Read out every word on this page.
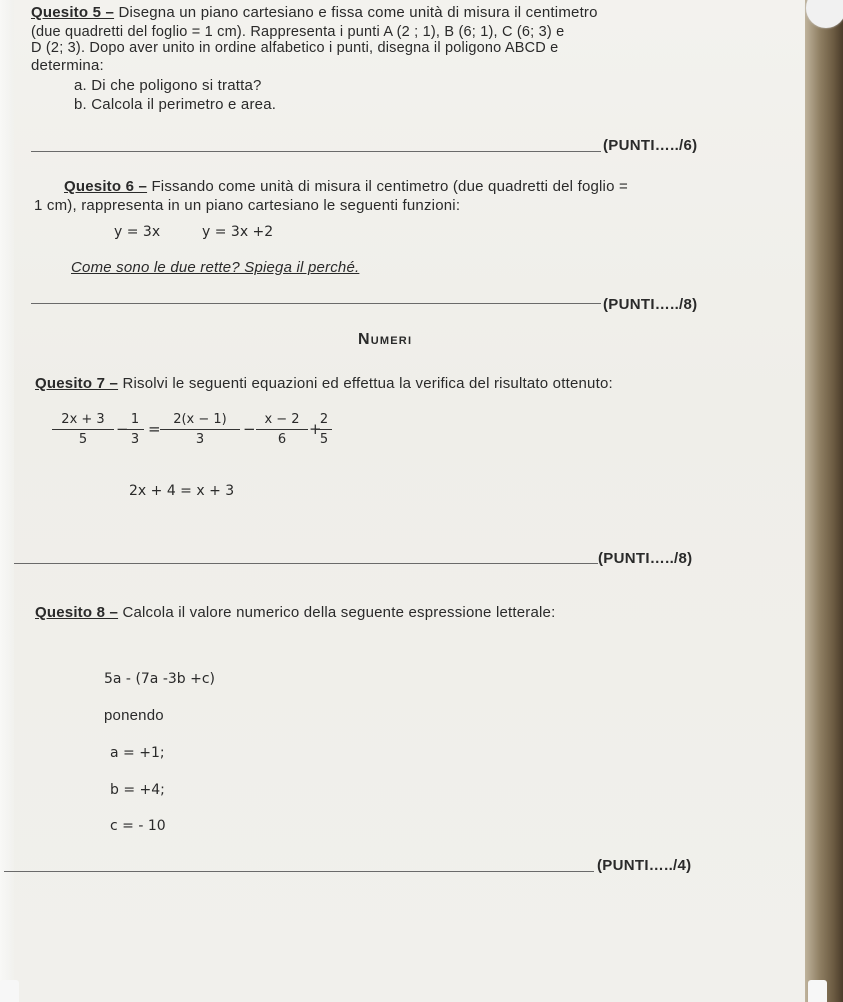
Quesito 5 – Disegna un piano cartesiano e fissa come unità di misura il centimetro
(due quadretti del foglio = 1 cm). Rappresenta i punti A (2 ; 1), B (6; 1), C (6; 3) e
D (2; 3). Dopo aver unito in ordine alfabetico i punti, disegna il poligono ABCD e
determina:
a. Di che poligono si tratta?
b. Calcola il perimetro e area.
(PUNTI…../6)
Quesito 6 – Fissando come unità di misura il centimetro (due quadretti del foglio =
1 cm), rappresenta in un piano cartesiano le seguenti funzioni:
y = 3x	y = 3x +2
Come sono le due rette? Spiega il perché.
(PUNTI…../8)
Numeri
Quesito 7 – Risolvi le seguenti equazioni ed effettua la verifica del risultato ottenuto:
$\frac{2x + 3}{5}$ −
$\frac{1}{3} = \frac{2(x - 1)}{3} - \frac{x - 2}{6}$ +
$\frac{2}{5}$
2x + 4 = x + 3
(PUNTI…../8)
Quesito 8 – Calcola il valore numerico della seguente espressione letterale:
5a - (7a -3b +c)
ponendo
a = +1;
b = +4;
c = - 10
(PUNTI…../4)
